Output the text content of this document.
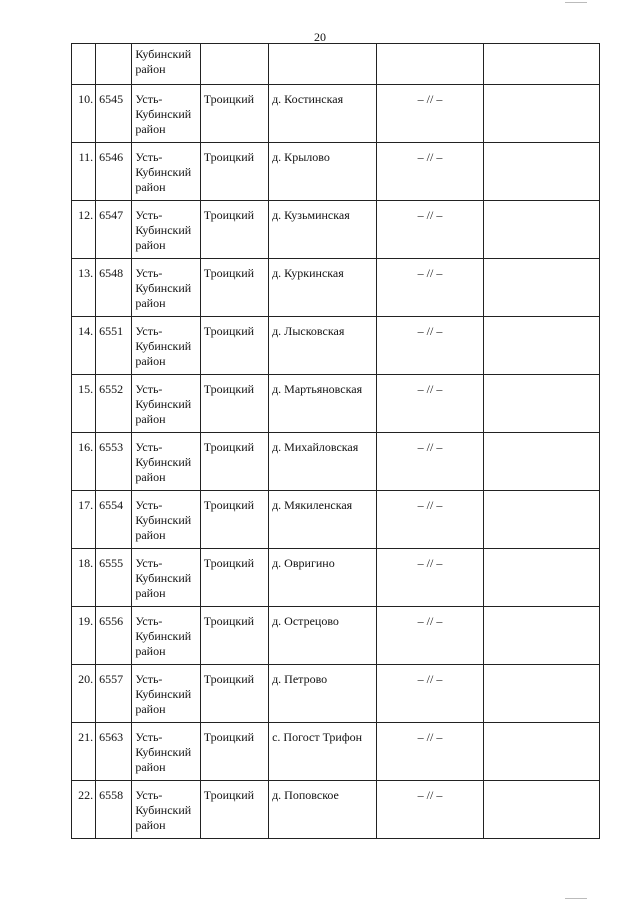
20
		Кубинский район				
10.	6545	Усть-Кубинский район	Троицкий	д. Костинская	– // –	
11.	6546	Усть-Кубинский район	Троицкий	д. Крылово	– // –	
12.	6547	Усть-Кубинский район	Троицкий	д. Кузьминская	– // –	
13.	6548	Усть-Кубинский район	Троицкий	д. Куркинская	– // –	
14.	6551	Усть-Кубинский район	Троицкий	д. Лысковская	– // –	
15.	6552	Усть-Кубинский район	Троицкий	д. Мартьяновская	– // –	
16.	6553	Усть-Кубинский район	Троицкий	д. Михайловская	– // –	
17.	6554	Усть-Кубинский район	Троицкий	д. Мякиленская	– // –	
18.	6555	Усть-Кубинский район	Троицкий	д. Овригино	– // –	
19.	6556	Усть-Кубинский район	Троицкий	д. Острецово	– // –	
20.	6557	Усть-Кубинский район	Троицкий	д. Петрово	– // –	
21.	6563	Усть-Кубинский район	Троицкий	с. Погост Трифон	– // –	
22.	6558	Усть-Кубинский район	Троицкий	д. Поповское	– // –	
